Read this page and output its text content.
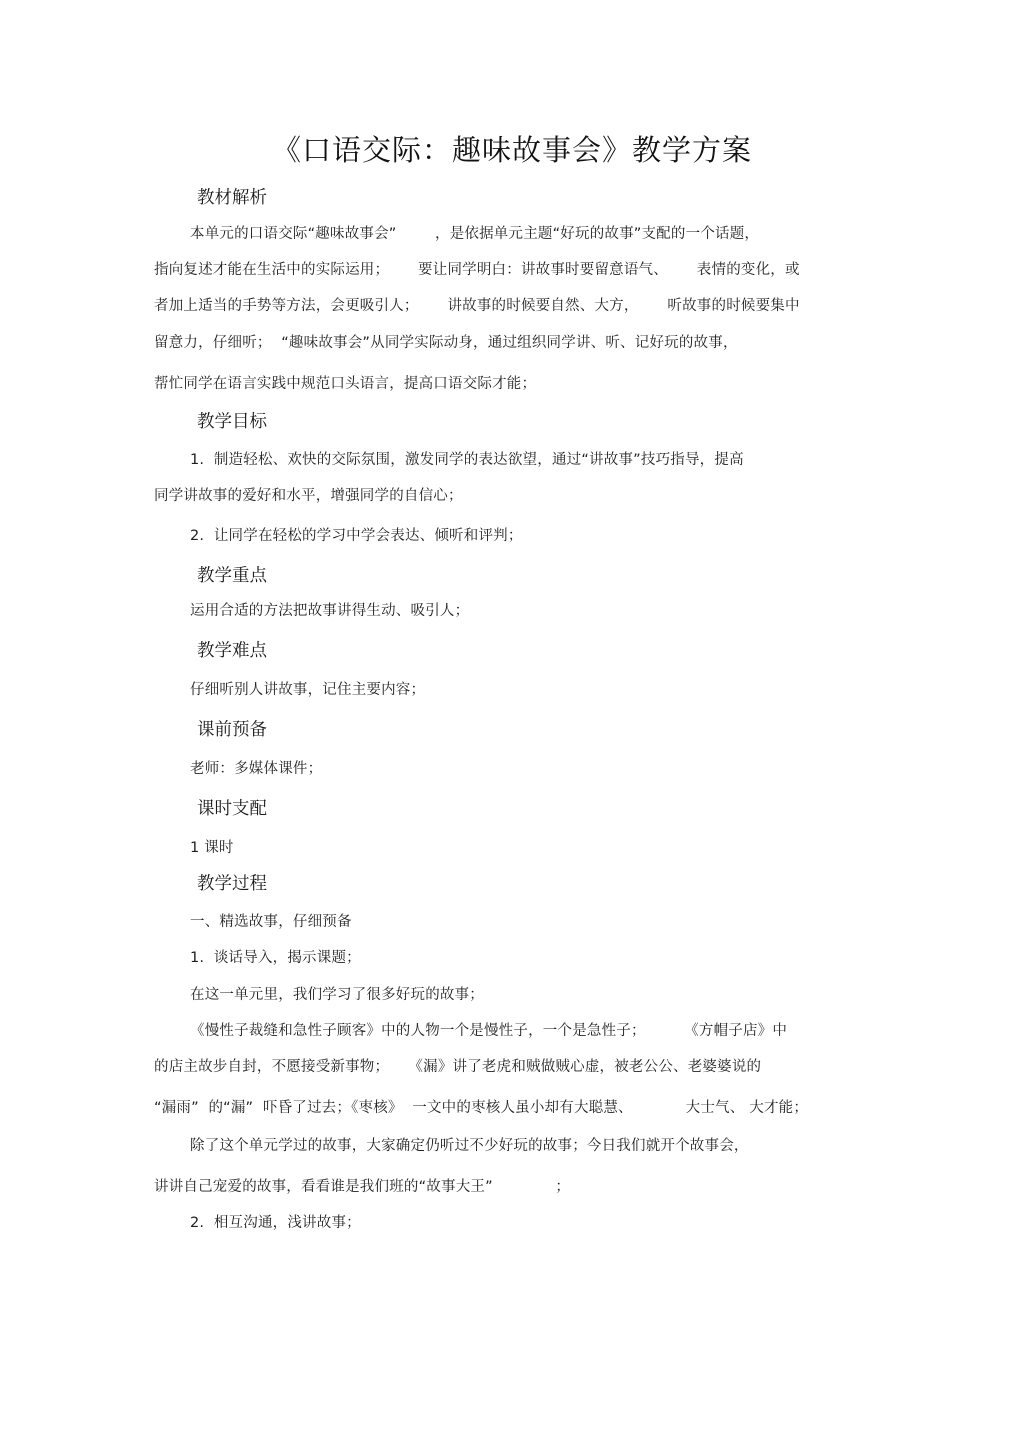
《口语交际：趣味故事会》教学方案
教材解析
本单元的口语交际“趣味故事会”        ，是依据单元主题“好玩的故事”支配的一个话题，
指向复述才能在生活中的实际运用；      要让同学明白：讲故事时要留意语气、      表情的变化，或
者加上适当的手势等方法，会更吸引人；      讲故事的时候要自然、大方，      听故事的时候要集中
留意力，仔细听；  “趣味故事会”从同学实际动身，通过组织同学讲、听、记好玩的故事，
帮忙同学在语言实践中规范口头语言，提高口语交际才能；
教学目标
1.  制造轻松、欢快的交际氛围，激发同学的表达欲望，通过“讲故事”技巧指导，提高
同学讲故事的爱好和水平，增强同学的自信心；
2.  让同学在轻松的学习中学会表达、倾听和评判；
教学重点
运用合适的方法把故事讲得生动、吸引人；
教学难点
仔细听别人讲故事，记住主要内容；
课前预备
老师：多媒体课件；
课时支配
1 课时
教学过程
一、精选故事，仔细预备
1.  谈话导入，揭示课题；
在这一单元里，我们学习了很多好玩的故事；
《慢性子裁缝和急性子顾客》中的人物一个是慢性子，一个是急性子；        《方帽子店》中
的店主故步自封，不愿接受新事物；    《漏》讲了老虎和贼做贼心虚，被老公公、老婆婆说的
“漏雨”  的“漏”  吓昏了过去；《枣核》  一文中的枣核人虽小却有大聪慧、           大士气、 大才能；
除了这个单元学过的故事，大家确定仍听过不少好玩的故事；今日我们就开个故事会，
讲讲自己宠爱的故事，看看谁是我们班的“故事大王”             ；
2.  相互沟通，浅讲故事；
